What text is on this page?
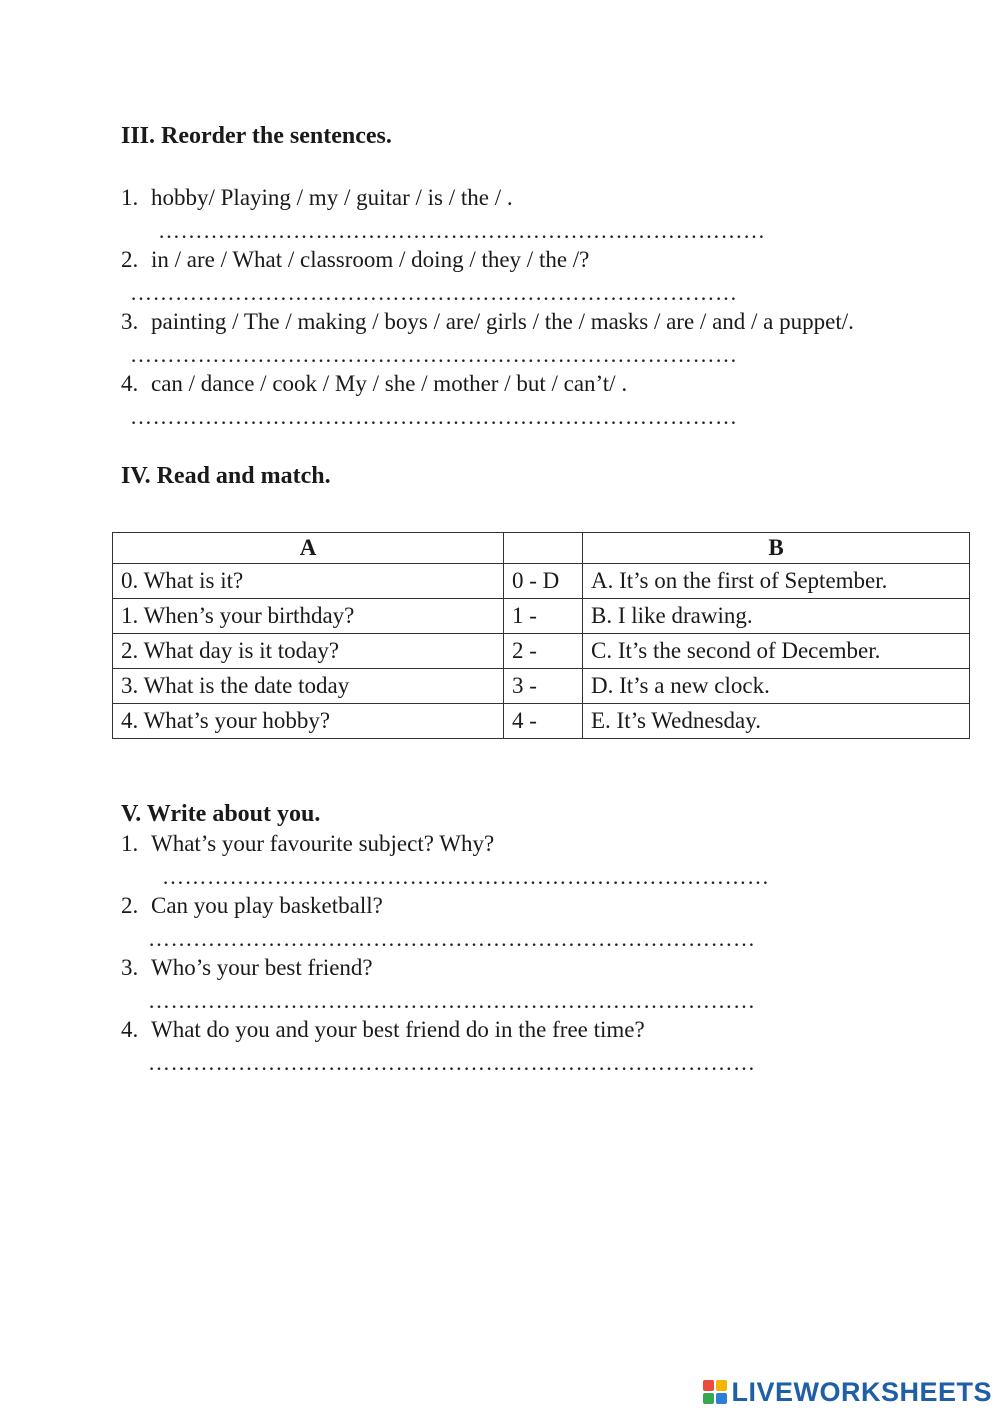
III. Reorder the sentences.
1. hobby/ Playing / my / guitar / is / the / .
………………………………………………………………………
2. in / are / What / classroom / doing / they / the /?
………………………………………………………………………
3. painting / The / making / boys / are/ girls / the / masks / are / and / a puppet/.
………………………………………………………………………
4. can / dance / cook / My / she / mother / but / can’t/ .
………………………………………………………………………
IV. Read and match.
A		B
0. What is it?	0 - D	A. It’s on the first of September.
1. When’s your birthday?	1 -	B. I like drawing.
2. What day is it today?	2 -	C. It’s the second of December.
3. What is the date today	3 -	D. It’s a new clock.
4. What’s your hobby?	4 -	E. It’s Wednesday.
V. Write about you.
1. What’s your favourite subject? Why?
………………………………………………………………………
2. Can you play basketball?
………………………………………………………………………
3. Who’s your best friend?
………………………………………………………………………
4. What do you and your best friend do in the free time?
………………………………………………………………………
LIVEWORKSHEETS
